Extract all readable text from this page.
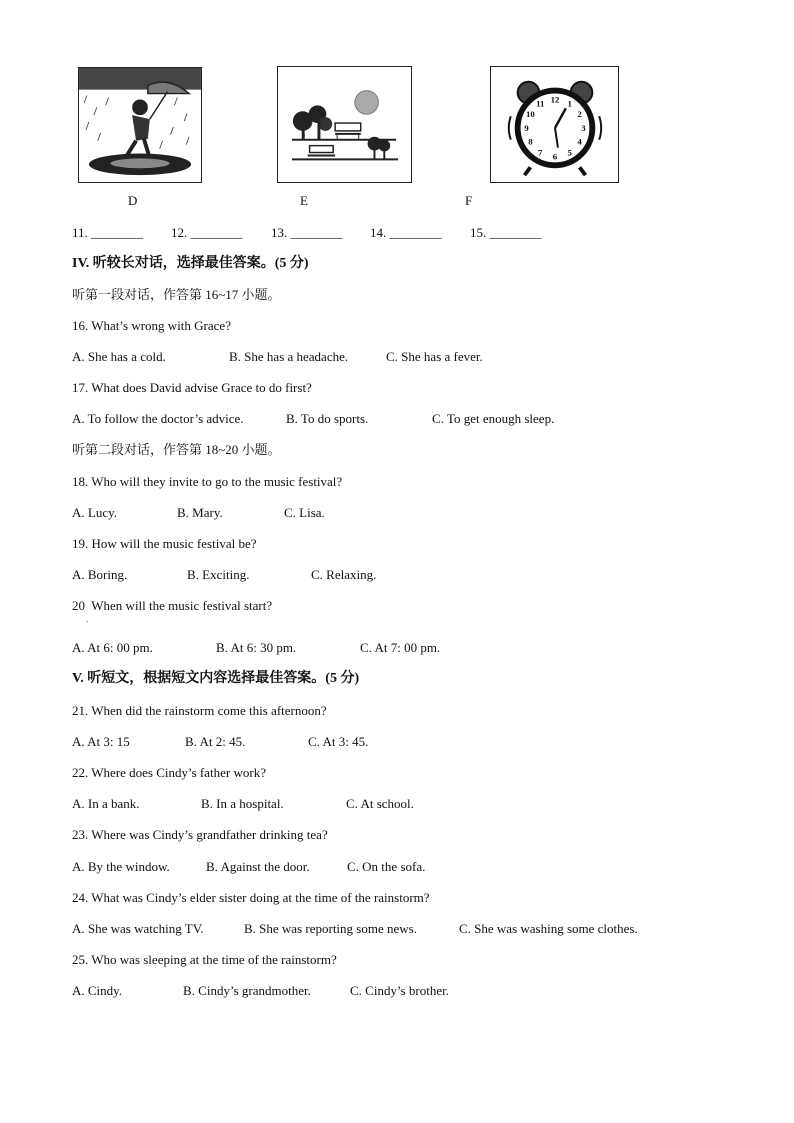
D	E
12 1
2
3
4
5
6
7
8
9
10
11
F
11. ________ 12. ________ 13. ________ 14. ________ 15. ________
IV. 听较长对话，选择最佳答案。(5 分)
听第一段对话，作答第 16~17 小题。
16. What’s wrong with Grace?
A. She has a cold.	B. She has a headache.	C. She has a fever.
17. What does David advise Grace to do first?
A. To follow the doctor’s advice.	B. To do sports.	C. To get enough sleep.
听第二段对话，作答第 18~20 小题。
18. Who will they invite to go to the music festival?
A. Lucy.	B. Mary.	C. Lisa.
19. How will the music festival be?
A. Boring.	B. Exciting.	C. Relaxing.
20  When will the music festival start?
.
A. At 6: 00 pm.	B. At 6: 30 pm.	C. At 7: 00 pm.
V. 听短文，根据短文内容选择最佳答案。(5 分)
21. When did the rainstorm come this afternoon?
A. At 3: 15	B. At 2: 45.	C. At 3: 45.
22. Where does Cindy’s father work?
A. In a bank.	B. In a hospital.	C. At school.
23. Where was Cindy’s grandfather drinking tea?
A. By the window.	B. Against the door.	C. On the sofa.
24. What was Cindy’s elder sister doing at the time of the rainstorm?
A. She was watching TV.	B. She was reporting some news.	C. She was washing some clothes.
25. Who was sleeping at the time of the rainstorm?
A. Cindy.	B. Cindy’s grandmother.	C. Cindy’s brother.
